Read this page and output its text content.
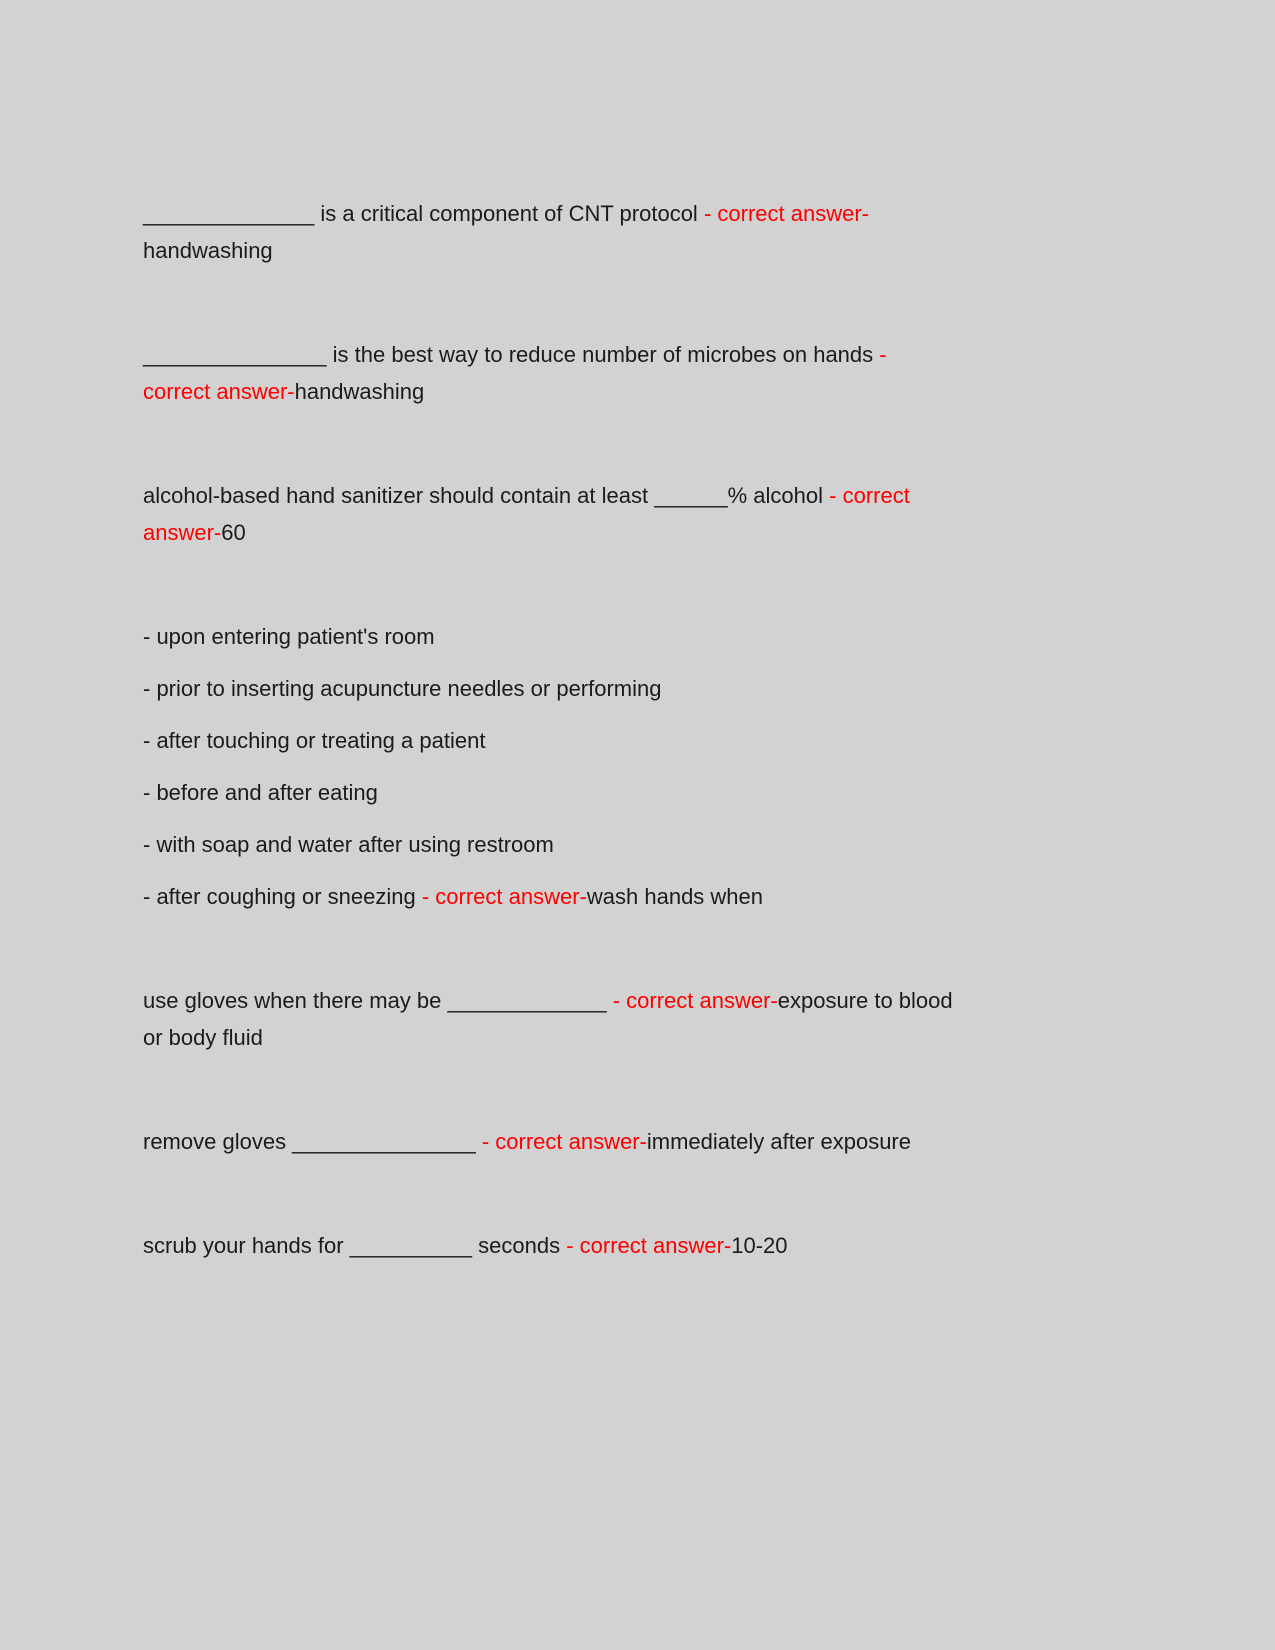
______________ is a critical component of CNT protocol - correct answer-
handwashing
_______________ is the best way to reduce number of microbes on hands -
correct answer-handwashing
alcohol-based hand sanitizer should contain at least ______% alcohol - correct
answer-60
- upon entering patient's room
- prior to inserting acupuncture needles or performing
- after touching or treating a patient
- before and after eating
- with soap and water after using restroom
- after coughing or sneezing - correct answer-wash hands when
use gloves when there may be _____________ - correct answer-exposure to blood
or body fluid
remove gloves _______________ - correct answer-immediately after exposure
scrub your hands for __________ seconds - correct answer-10-20
